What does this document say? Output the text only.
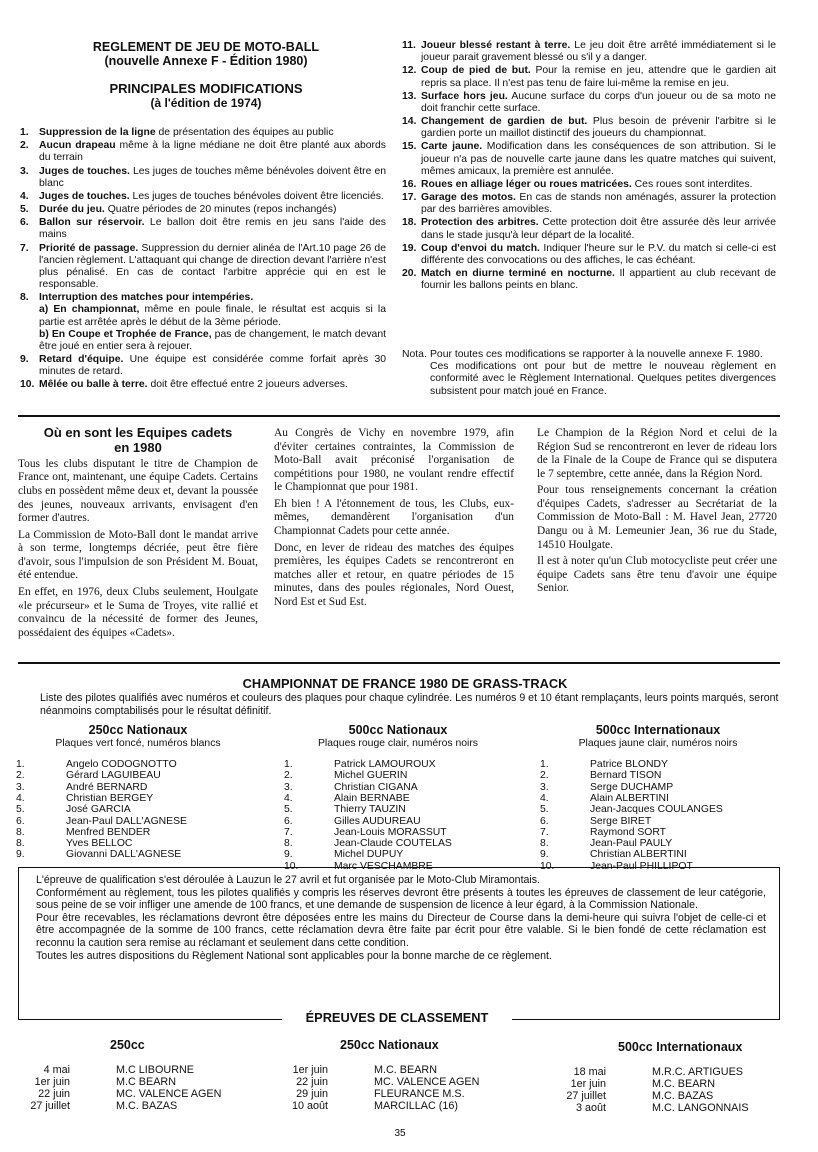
REGLEMENT DE JEU DE MOTO-BALL
(nouvelle Annexe F - Édition 1980)
PRINCIPALES MODIFICATIONS
(à l'édition de 1974)
1. Suppression de la ligne de présentation des équipes au public
2. Aucun drapeau même à la ligne médiane ne doit être planté aux abords du terrain
3. Juges de touches. Les juges de touches même bénévoles doivent être en blanc
4. Juges de touches. Les juges de touches bénévoles doivent être licenciés.
5. Durée du jeu. Quatre périodes de 20 minutes (repos inchangés)
6. Ballon sur réservoir. Le ballon doit être remis en jeu sans l'aide des mains
7. Priorité de passage. Suppression du dernier alinéa de l'Art.10 page 26 de l'ancien règlement. L'attaquant qui change de direction devant l'arrière n'est plus pénalisé. En cas de contact l'arbitre apprécie qui en est le responsable.
8. Interruption des matches pour intempéries.
a) En championnat, même en poule finale, le résultat est acquis si la partie est arrêtée après le début de la 3ème période.
b) En Coupe et Trophée de France, pas de changement, le match devant être joué en entier sera à rejouer.
9. Retard d'équipe. Une équipe est considérée comme forfait après 30 minutes de retard.
10. Mêlée ou balle à terre. doit être effectué entre 2 joueurs adverses.
11. Joueur blessé restant à terre. Le jeu doit être arrêté immédiatement si le joueur parait gravement blessé ou s'il y a danger.
12. Coup de pied de but. Pour la remise en jeu, attendre que le gardien ait repris sa place. Il n'est pas tenu de faire lui-même la remise en jeu.
13. Surface hors jeu. Aucune surface du corps d'un joueur ou de sa moto ne doit franchir cette surface.
14. Changement de gardien de but. Plus besoin de prévenir l'arbitre si le gardien porte un maillot distinctif des joueurs du championnat.
15. Carte jaune. Modification dans les conséquences de son attribution. Si le joueur n'a pas de nouvelle carte jaune dans les quatre matches qui suivent, mêmes amicaux, la première est annulée.
16. Roues en alliage léger ou roues matricées. Ces roues sont interdites.
17. Garage des motos. En cas de stands non aménagés, assurer la protection par des barrières amovibles.
18. Protection des arbitres. Cette protection doit être assurée dès leur arrivée dans le stade jusqu'à leur départ de la localité.
19. Coup d'envoi du match. Indiquer l'heure sur le P.V. du match si celle-ci est différente des convocations ou des affiches, le cas échéant.
20. Match en diurne terminé en nocturne. Il appartient au club recevant de fournir les ballons peints en blanc.
Nota. Pour toutes ces modifications se rapporter à la nouvelle annexe F. 1980.
Ces modifications ont pour but de mettre le nouveau règlement en conformité avec le Règlement International. Quelques petites divergences subsistent pour match joué en France.
Où en sont les Equipes cadets
en 1980

Tous les clubs disputant le titre de Champion de France ont, maintenant, une équipe Cadets. Certains clubs en possèdent même deux et, devant la poussée des jeunes, nouveaux arrivants, envisagent d'en former d'autres.

La Commission de Moto-Ball dont le mandat arrive à son terme, longtemps décriée, peut être fière d'avoir, sous l'impulsion de son Président M. Bouat, été entendue.

En effet, en 1976, deux Clubs seulement, Houlgate «le précurseur» et le Suma de Troyes, vite rallié et convaincu de la nécessité de former des Jeunes, possédaient des équipes «Cadets».

Au Congrès de Vichy en novembre 1979, afin d'éviter certaines contraintes, la Commission de Moto-Ball avait préconisé l'organisation de compétitions pour 1980, ne voulant rendre effectif le Championnat que pour 1981.

Eh bien ! A l'étonnement de tous, les Clubs, eux-mêmes, demandèrent l'organisation d'un Championnat Cadets pour cette année.

Donc, en lever de rideau des matches des équipes premières, les équipes Cadets se rencontreront en matches aller et retour, en quatre périodes de 15 minutes, dans des poules régionales, Nord Ouest, Nord Est et Sud Est.

Le Champion de la Région Nord et celui de la Région Sud se rencontreront en lever de rideau lors de la Finale de la Coupe de France qui se disputera le 7 septembre, cette année, dans la Région Nord.

Pour tous renseignements concernant la création d'équipes Cadets, s'adresser au Secrétariat de la Commission de Moto-Ball : M. Havel Jean, 27720 Dangu ou à M. Lemeunier Jean, 36 rue du Stade, 14510 Houlgate.

Il est à noter qu'un Club motocycliste peut créer une équipe Cadets sans être tenu d'avoir une équipe Senior.

CHAMPIONNAT DE FRANCE 1980 DE GRASS-TRACK
Liste des pilotes qualifiés avec numéros et couleurs des plaques pour chaque cylindrée. Les numéros 9 et 10 étant remplaçants, leurs points marqués, seront néanmoins comptabilisés pour le résultat définitif.
250cc Nationaux
Plaques vert foncé, numéros blancs
1.	Angelo CODOGNOTTO
2.	Gérard LAGUIBEAU
3.	André BERNARD
4.	Christian BERGEY
5.	José GARCIA
6.	Jean-Paul DALL'AGNESE
8.	Menfred BENDER
8.	Yves BELLOC
9.	Giovanni DALL'AGNESE
500cc Nationaux
Plaques rouge clair, numéros noirs
1.	Patrick LAMOUROUX
2.	Michel GUERIN
3.	Christian CIGANA
4.	Alain BERNABE
5.	Thierry TAUZIN
6.	Gilles AUDUREAU
7.	Jean-Louis MORASSUT
8.	Jean-Claude COUTELAS
9.	Michel DUPUY
10.	Marc VESCHAMBRE
500cc Internationaux
Plaques jaune clair, numéros noirs
1.	Patrice BLONDY
2.	Bernard TISON
3.	Serge DUCHAMP
4.	Alain ALBERTINI
5.	Jean-Jacques COULANGES
6.	Serge BIRET
7.	Raymond SORT
8.	Jean-Paul PAULY
9.	Christian ALBERTINI
10.	Jean-Paul PHILLIPOT
L'épreuve de qualification s'est déroulée à Lauzun le 27 avril et fut organisée par le Moto-Club Miramontais.
Conformément au règlement, tous les pilotes qualifiés y compris les réserves devront être présents à toutes les épreuves de classement de leur catégorie, sous peine de se voir infliger une amende de 100 francs, et une demande de suspension de licence à leur égard, à la Commission Nationale.
Pour être recevables, les réclamations devront être déposées entre les mains du Directeur de Course dans la demi-heure qui suivra l'objet de celle-ci et être accompagnée de la somme de 100 francs, cette réclamation devra être faite par écrit pour être valable. Si le bien fondé de cette réclamation est reconnu la caution sera remise au réclamant et seulement dans cette condition.
Toutes les autres dispositions du Règlement National sont applicables pour la bonne marche de ce règlement.
ÉPREUVES DE CLASSEMENT
250cc
4 mai	M.C LIBOURNE
1er juin	M.C BEARN
22 juin	MC. VALENCE AGEN
27 juillet	M.C. BAZAS
250cc Nationaux
1er juin	M.C. BEARN
22 juin	MC. VALENCE AGEN
29 juin	FLEURANCE M.S.
10 août	MARCILLAC (16)
500cc Internationaux
18 mai	M.R.C. ARTIGUES
1er juin	M.C. BEARN
27 juillet	M.C. BAZAS
3 août	M.C. LANGONNAIS
35
